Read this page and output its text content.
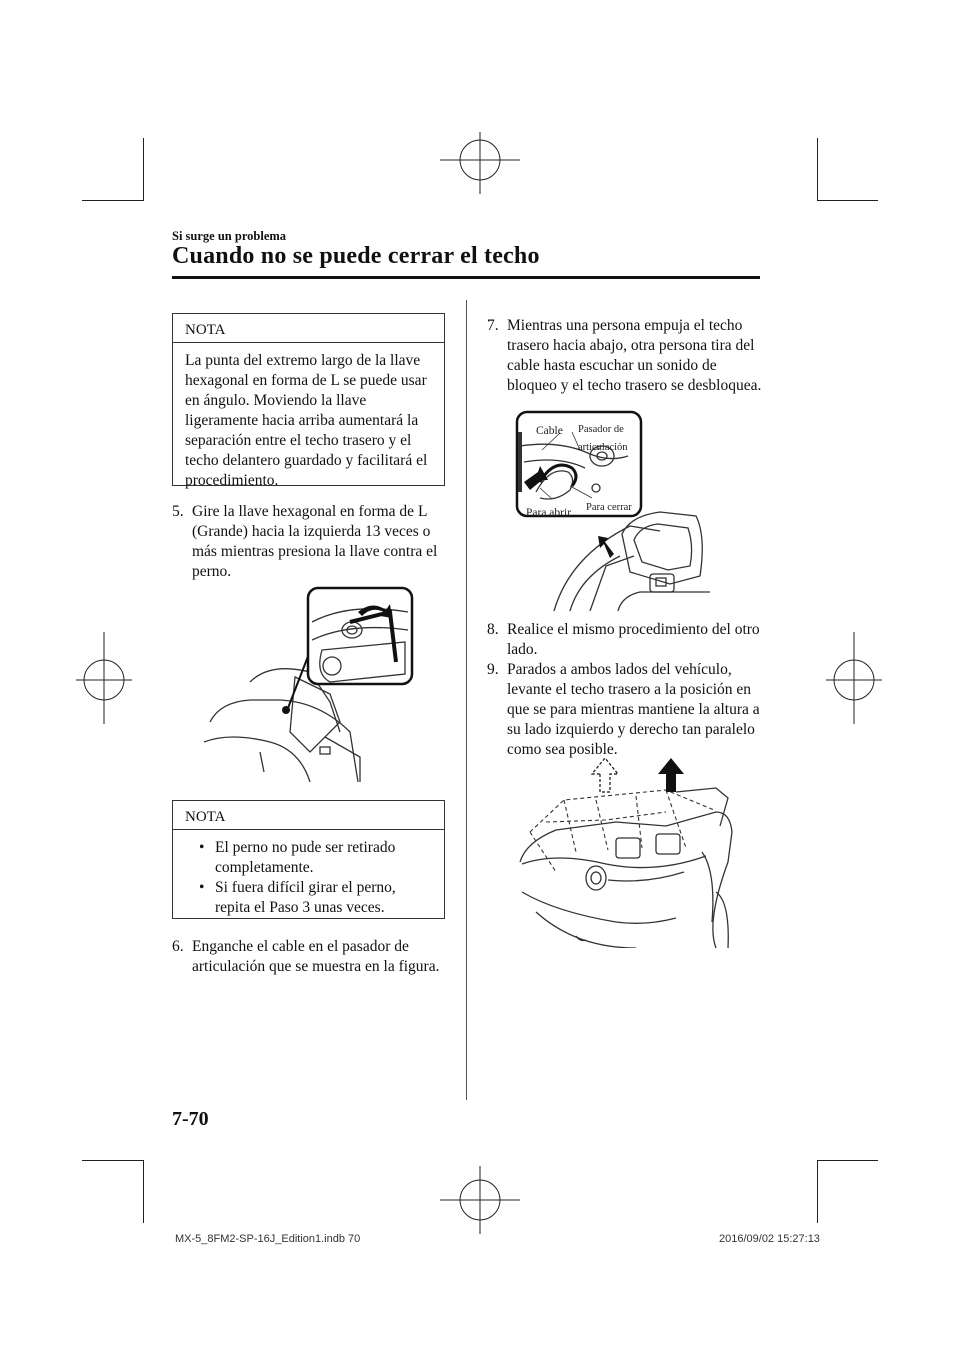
Si surge un problema
Cuando no se puede cerrar el techo
NOTA
La punta del extremo largo de la llave hexagonal en forma de L se puede usar en ángulo. Moviendo la llave ligeramente hacia arriba aumentará la separación entre el techo trasero y el techo delantero guardado y facilitará el procedimiento.
5. Gire la llave hexagonal en forma de L (Grande) hacia la izquierda 13 veces o más mientras presiona la llave contra el perno.
NOTA
• El perno no pude ser retirado completamente.
• Si fuera difícil girar el perno, repita el Paso 3 unas veces.
6. Enganche el cable en el pasador de articulación que se muestra en la figura.
7. Mientras una persona empuja el techo trasero hacia abajo, otra persona tira del cable hasta escuchar un sonido de bloqueo y el techo trasero se desbloquea.
Cable Pasador de
articulación
Para abrir Para cerrar
8. Realice el mismo procedimiento del otro lado.
9. Parados a ambos lados del vehículo, levante el techo trasero a la posición en que se para mientras mantiene la altura a su lado izquierdo y derecho tan paralelo como sea posible.
7-70
MX-5_8FM2-SP-16J_Edition1.indb 70	2016/09/02 15:27:13
